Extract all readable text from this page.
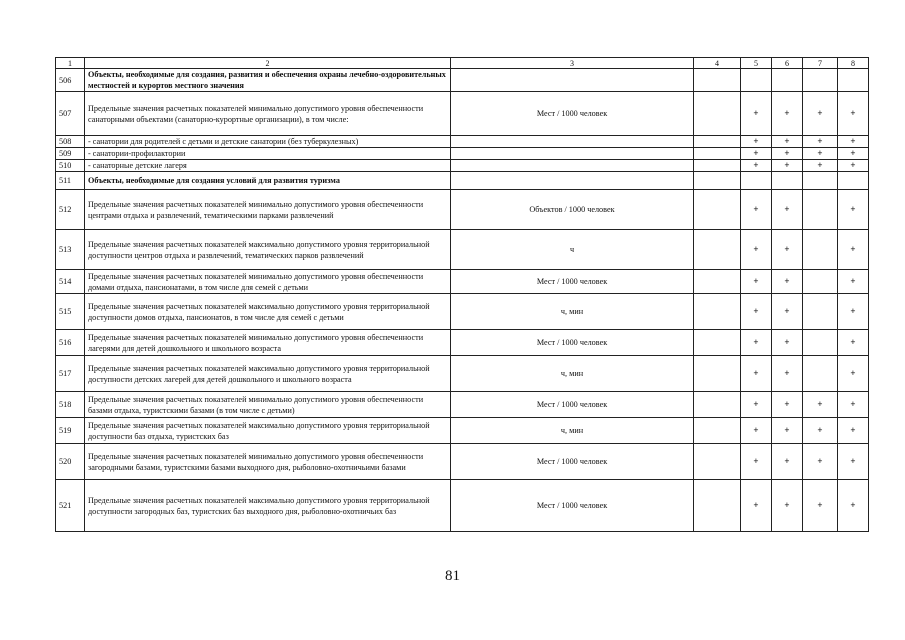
1	2	3	4	5	6	7	8
506	Объекты, необходимые для создания, развития и обеспечения охраны лечебно-оздоровительных местностей и курортов местного значения						
507	Предельные значения расчетных показателей минимально допустимого уровня обеспеченности санаторными объектами (санаторно-курортные организации), в том числе:	Мест / 1000 человек		+	+	+	+
508	- санатории для родителей с детьми и детские санатории (без туберкулезных)			+	+	+	+
509	- санатории-профилактории			+	+	+	+
510	- санаторные детские лагеря			+	+	+	+
511	Объекты, необходимые для создания условий для развития туризма						
512	Предельные значения расчетных показателей минимально допустимого уровня обеспеченности центрами отдыха и развлечений, тематическими парками развлечений	Объектов / 1000 человек		+	+		+
513	Предельные значения расчетных показателей максимально допустимого уровня территориальной доступности центров отдыха и развлечений, тематических парков развлечений	ч		+	+		+
514	Предельные значения расчетных показателей минимально допустимого уровня обеспеченности домами отдыха, пансионатами, в том числе для семей с детьми	Мест / 1000 человек		+	+		+
515	Предельные значения расчетных показателей максимально допустимого уровня территориальной доступности домов отдыха, пансионатов, в том числе для семей с детьми	ч, мин		+	+		+
516	Предельные значения расчетных показателей минимально допустимого уровня обеспеченности лагерями для детей дошкольного и школьного возраста	Мест / 1000 человек		+	+		+
517	Предельные значения расчетных показателей максимально допустимого уровня территориальной доступности детских лагерей для детей дошкольного и школьного возраста	ч, мин		+	+		+
518	Предельные значения расчетных показателей минимально допустимого уровня обеспеченности базами отдыха, туристскими базами (в том числе с детьми)	Мест / 1000 человек		+	+	+	+
519	Предельные значения расчетных показателей максимально допустимого уровня территориальной доступности баз отдыха, туристских баз	ч, мин		+	+	+	+
520	Предельные значения расчетных показателей минимально допустимого уровня обеспеченности загородными базами, туристскими базами выходного дня, рыболовно-охотничьими базами	Мест / 1000 человек		+	+	+	+
521	Предельные значения расчетных показателей максимально допустимого уровня территориальной доступности загородных баз, туристских баз выходного дня, рыболовно-охотничьих баз	Мест / 1000 человек		+	+	+	+
81
